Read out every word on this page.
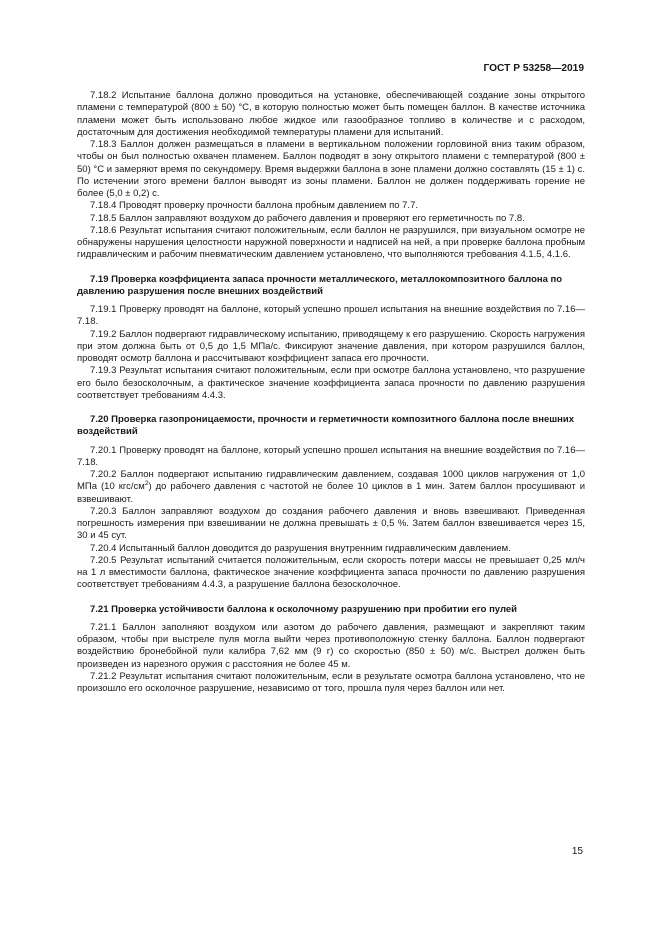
ГОСТ Р 53258—2019

7.18.2 Испытание баллона должно проводиться на установке, обеспечивающей создание зоны открытого пламени с температурой (800 ± 50) °С, в которую полностью может быть помещен баллон. В качестве источника пламени может быть использовано любое жидкое или газообразное топливо в количестве и с расходом, достаточным для достижения необходимой температуры пламени для испытаний.

7.18.3 Баллон должен размещаться в пламени в вертикальном положении горловиной вниз таким образом, чтобы он был полностью охвачен пламенем. Баллон подводят в зону открытого пламени с температурой (800 ± 50) °С и замеряют время по секундомеру. Время выдержки баллона в зоне пламени должно составлять (15 ± 1) с. По истечении этого времени баллон выводят из зоны пламени. Баллон не должен поддерживать горение не более (5,0 ± 0,2) с.

7.18.4 Проводят проверку прочности баллона пробным давлением по 7.7.

7.18.5 Баллон заправляют воздухом до рабочего давления и проверяют его герметичность по 7.8.

7.18.6 Результат испытания считают положительным, если баллон не разрушился, при визуальном осмотре не обнаружены нарушения целостности наружной поверхности и надписей на ней, а при проверке баллона пробным гидравлическим и рабочим пневматическим давлением установлено, что выполняются требования 4.1.5, 4.1.6.

7.19 Проверка коэффициента запаса прочности металлического, металлокомпозитного баллона по давлению разрушения после внешних воздействий

7.19.1 Проверку проводят на баллоне, который успешно прошел испытания на внешние воздействия по 7.16—7.18.

7.19.2 Баллон подвергают гидравлическому испытанию, приводящему к его разрушению. Скорость нагружения при этом должна быть от 0,5 до 1,5 МПа/с. Фиксируют значение давления, при котором разрушился баллон, проводят осмотр баллона и рассчитывают коэффициент запаса его прочности.

7.19.3 Результат испытания считают положительным, если при осмотре баллона установлено, что разрушение его было безосколочным, а фактическое значение коэффициента запаса прочности по давлению разрушения соответствует требованиям 4.4.3.

7.20 Проверка газопроницаемости, прочности и герметичности композитного баллона после внешних воздействий

7.20.1 Проверку проводят на баллоне, который успешно прошел испытания на внешние воздействия по 7.16—7.18.

7.20.2 Баллон подвергают испытанию гидравлическим давлением, создавая 1000 циклов нагружения от 1,0 МПа (10 кгс/$см^2$) до рабочего давления с частотой не более 10 циклов в 1 мин. Затем баллон просушивают и взвешивают.

7.20.3 Баллон заправляют воздухом до создания рабочего давления и вновь взвешивают. Приведенная погрешность измерения при взвешивании не должна превышать ± 0,5 %. Затем баллон взвешивается через 15, 30 и 45 сут.

7.20.4 Испытанный баллон доводится до разрушения внутренним гидравлическим давлением.

7.20.5 Результат испытаний считается положительным, если скорость потери массы не превышает 0,25 мл/ч на 1 л вместимости баллона, фактическое значение коэффициента запаса прочности по давлению разрушения соответствует требованиям 4.4.3, а разрушение баллона безосколочное.

7.21 Проверка устойчивости баллона к осколочному разрушению при пробитии его пулей

7.21.1 Баллон заполняют воздухом или азотом до рабочего давления, размещают и закрепляют таким образом, чтобы при выстреле пуля могла выйти через противоположную стенку баллона. Баллон подвергают воздействию бронебойной пули калибра 7,62 мм (9 г) со скоростью (850 ± 50) м/с. Выстрел должен быть произведен из нарезного оружия с расстояния не более 45 м.

7.21.2 Результат испытания считают положительным, если в результате осмотра баллона установлено, что не произошло его осколочное разрушение, независимо от того, прошла пуля через баллон или нет.

15
